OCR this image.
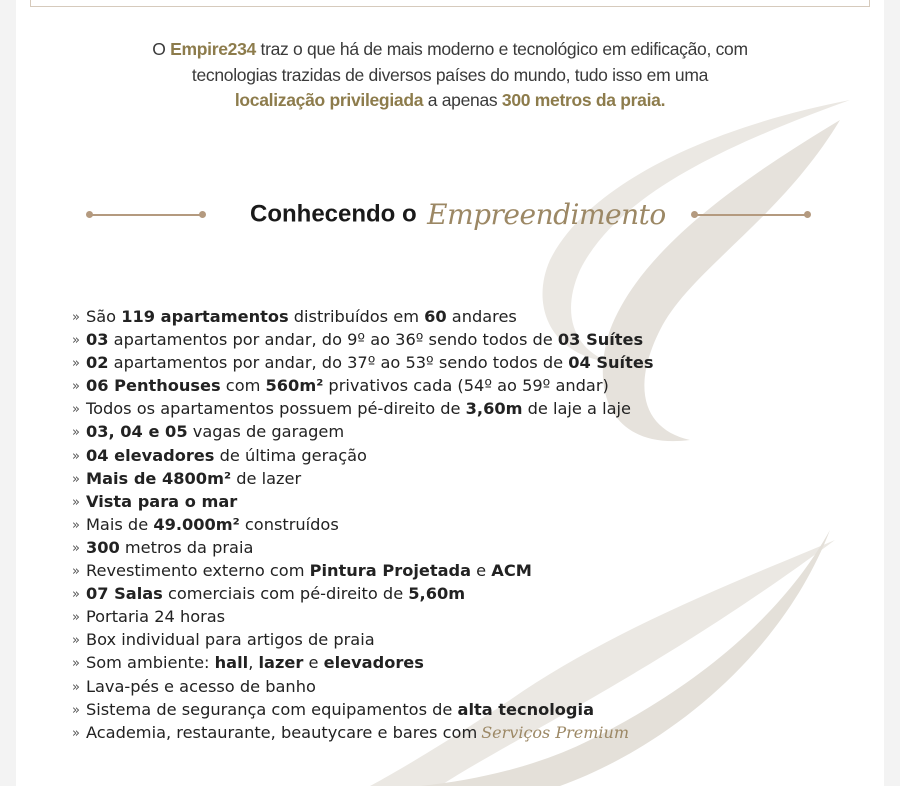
O Empire234 traz o que há de mais moderno e tecnológico em edificação, com
tecnologias trazidas de diversos países do mundo, tudo isso em uma
localização privilegiada a apenas 300 metros da praia.
Conhecendo o Empreendimento
» São 119 apartamentos distribuídos em 60 andares
» 03 apartamentos por andar, do 9º ao 36º sendo todos de 03 Suítes
» 02 apartamentos por andar, do 37º ao 53º sendo todos de 04 Suítes
» 06 Penthouses com 560m² privativos cada (54º ao 59º andar)
» Todos os apartamentos possuem pé-direito de 3,60m de laje a laje
» 03, 04 e 05 vagas de garagem
» 04 elevadores de última geração
» Mais de 4800m² de lazer
» Vista para o mar
» Mais de 49.000m² construídos
» 300 metros da praia
» Revestimento externo com Pintura Projetada e ACM
» 07 Salas comerciais com pé-direito de 5,60m
» Portaria 24 horas
» Box individual para artigos de praia
» Som ambiente: hall, lazer e elevadores
» Lava-pés e acesso de banho
» Sistema de segurança com equipamentos de alta tecnologia
» Academia, restaurante, beautycare e bares com Serviços Premium
